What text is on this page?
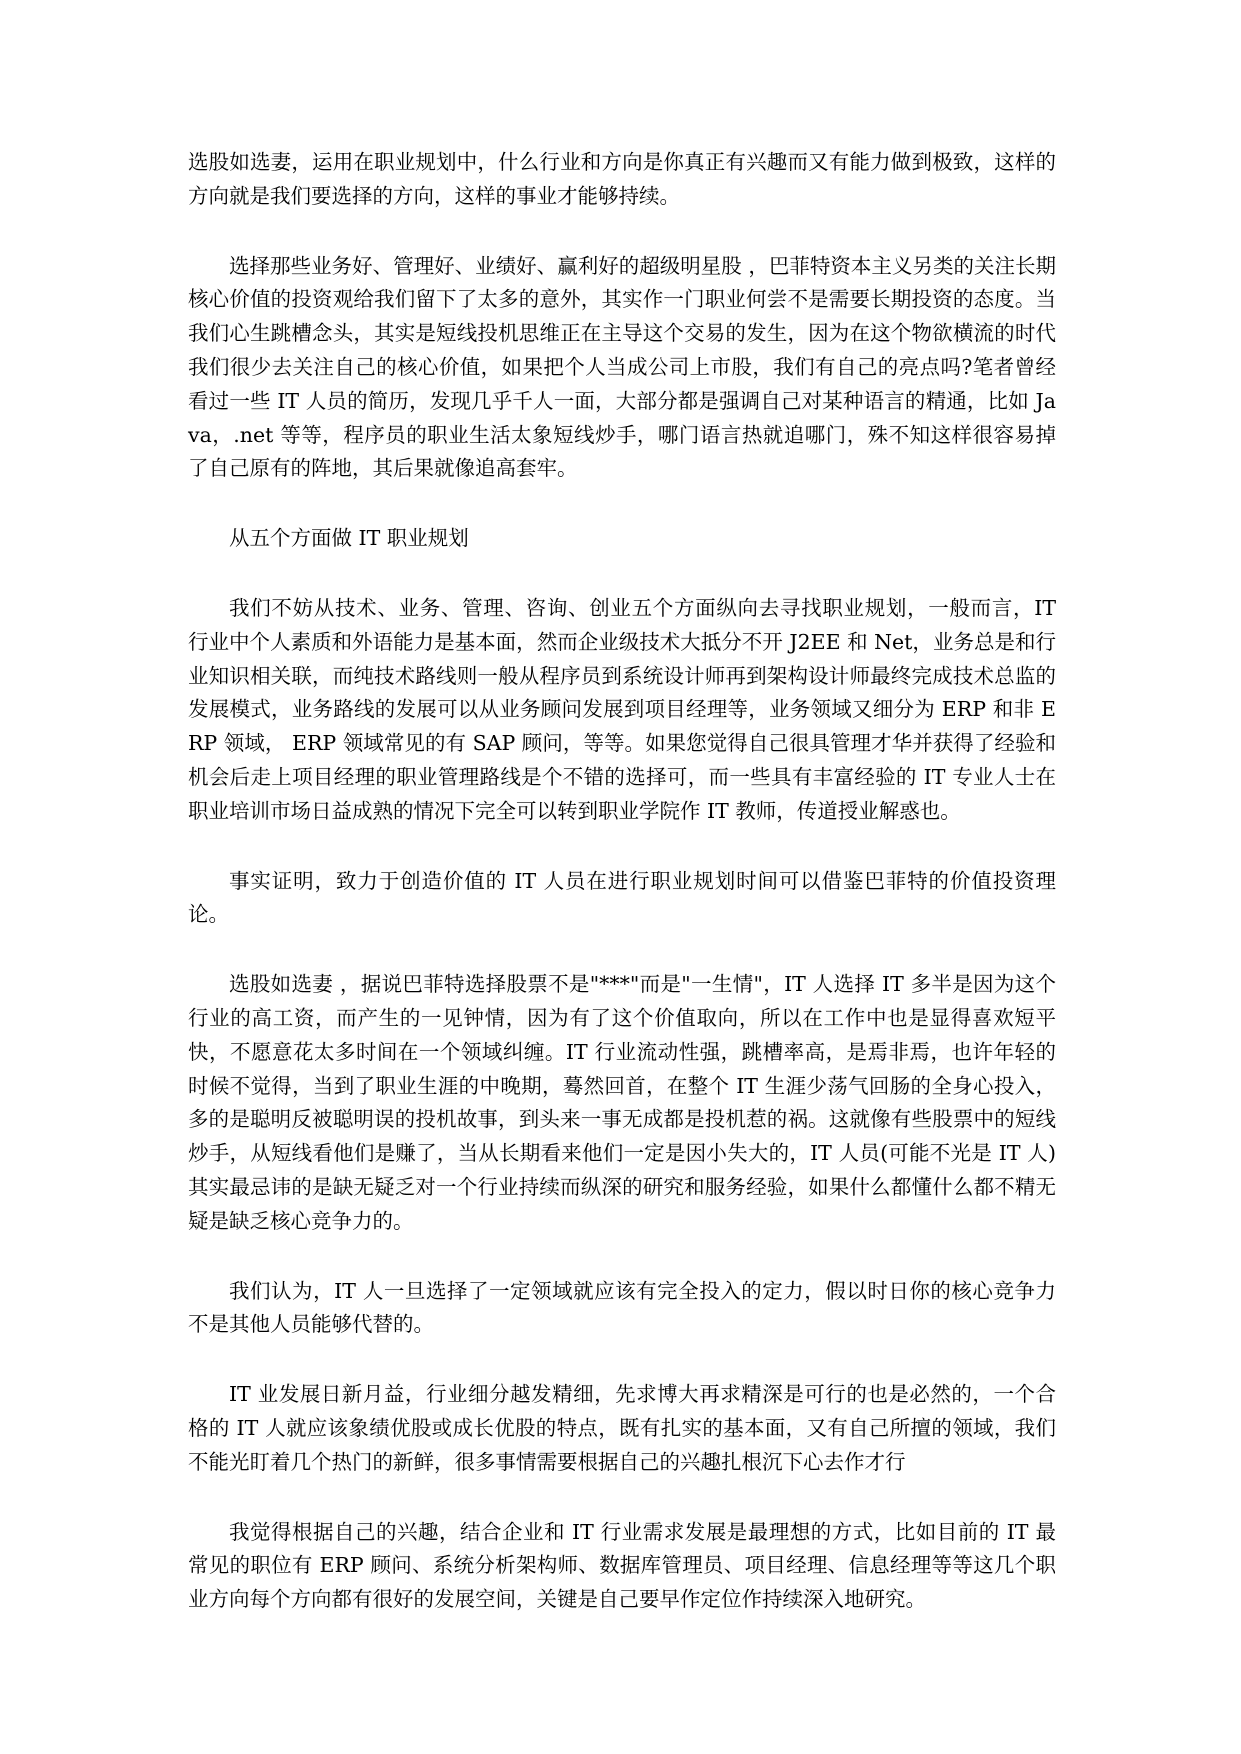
选股如选妻，运用在职业规划中，什么行业和方向是你真正有兴趣而又有能力做到极致，这样的方向就是我们要选择的方向，这样的事业才能够持续。

选择那些业务好、管理好、业绩好、赢利好的超级明星股 ，巴菲特资本主义另类的关注长期核心价值的投资观给我们留下了太多的意外，其实作一门职业何尝不是需要长期投资的态度。当我们心生跳槽念头，其实是短线投机思维正在主导这个交易的发生，因为在这个物欲横流的时代我们很少去关注自己的核心价值，如果把个人当成公司上市股，我们有自己的亮点吗?笔者曾经看过一些 IT 人员的简历，发现几乎千人一面，大部分都是强调自己对某种语言的精通，比如 Java，.net 等等，程序员的职业生活太象短线炒手，哪门语言热就追哪门，殊不知这样很容易掉了自己原有的阵地，其后果就像追高套牢。

从五个方面做 IT 职业规划

我们不妨从技术、业务、管理、咨询、创业五个方面纵向去寻找职业规划，一般而言，IT 行业中个人素质和外语能力是基本面，然而企业级技术大抵分不开 J2EE 和 Net，业务总是和行业知识相关联，而纯技术路线则一般从程序员到系统设计师再到架构设计师最终完成技术总监的发展模式，业务路线的发展可以从业务顾问发展到项目经理等，业务领域又细分为 ERP 和非 ERP 领域， ERP 领域常见的有 SAP 顾问，等等。如果您觉得自己很具管理才华并获得了经验和机会后走上项目经理的职业管理路线是个不错的选择可，而一些具有丰富经验的 IT 专业人士在职业培训市场日益成熟的情况下完全可以转到职业学院作 IT 教师，传道授业解惑也。

事实证明，致力于创造价值的 IT 人员在进行职业规划时间可以借鉴巴菲特的价值投资理论。

选股如选妻 ，据说巴菲特选择股票不是"***"而是"一生情"，IT 人选择 IT 多半是因为这个行业的高工资，而产生的一见钟情，因为有了这个价值取向，所以在工作中也是显得喜欢短平快，不愿意花太多时间在一个领域纠缠。IT 行业流动性强，跳槽率高，是焉非焉，也许年轻的时候不觉得，当到了职业生涯的中晚期，蓦然回首，在整个 IT 生涯少荡气回肠的全身心投入，多的是聪明反被聪明误的投机故事，到头来一事无成都是投机惹的祸。这就像有些股票中的短线炒手，从短线看他们是赚了，当从长期看来他们一定是因小失大的，IT 人员(可能不光是 IT 人)其实最忌讳的是缺无疑乏对一个行业持续而纵深的研究和服务经验，如果什么都懂什么都不精无疑是缺乏核心竞争力的。

我们认为，IT 人一旦选择了一定领域就应该有完全投入的定力，假以时日你的核心竞争力不是其他人员能够代替的。

IT 业发展日新月益，行业细分越发精细，先求博大再求精深是可行的也是必然的，一个合格的 IT 人就应该象绩优股或成长优股的特点，既有扎实的基本面，又有自己所擅的领域，我们不能光盯着几个热门的新鲜，很多事情需要根据自己的兴趣扎根沉下心去作才行

我觉得根据自己的兴趣，结合企业和 IT 行业需求发展是最理想的方式，比如目前的 IT 最常见的职位有 ERP 顾问、系统分析架构师、数据库管理员、项目经理、信息经理等等这几个职业方向每个方向都有很好的发展空间，关键是自己要早作定位作持续深入地研究。
